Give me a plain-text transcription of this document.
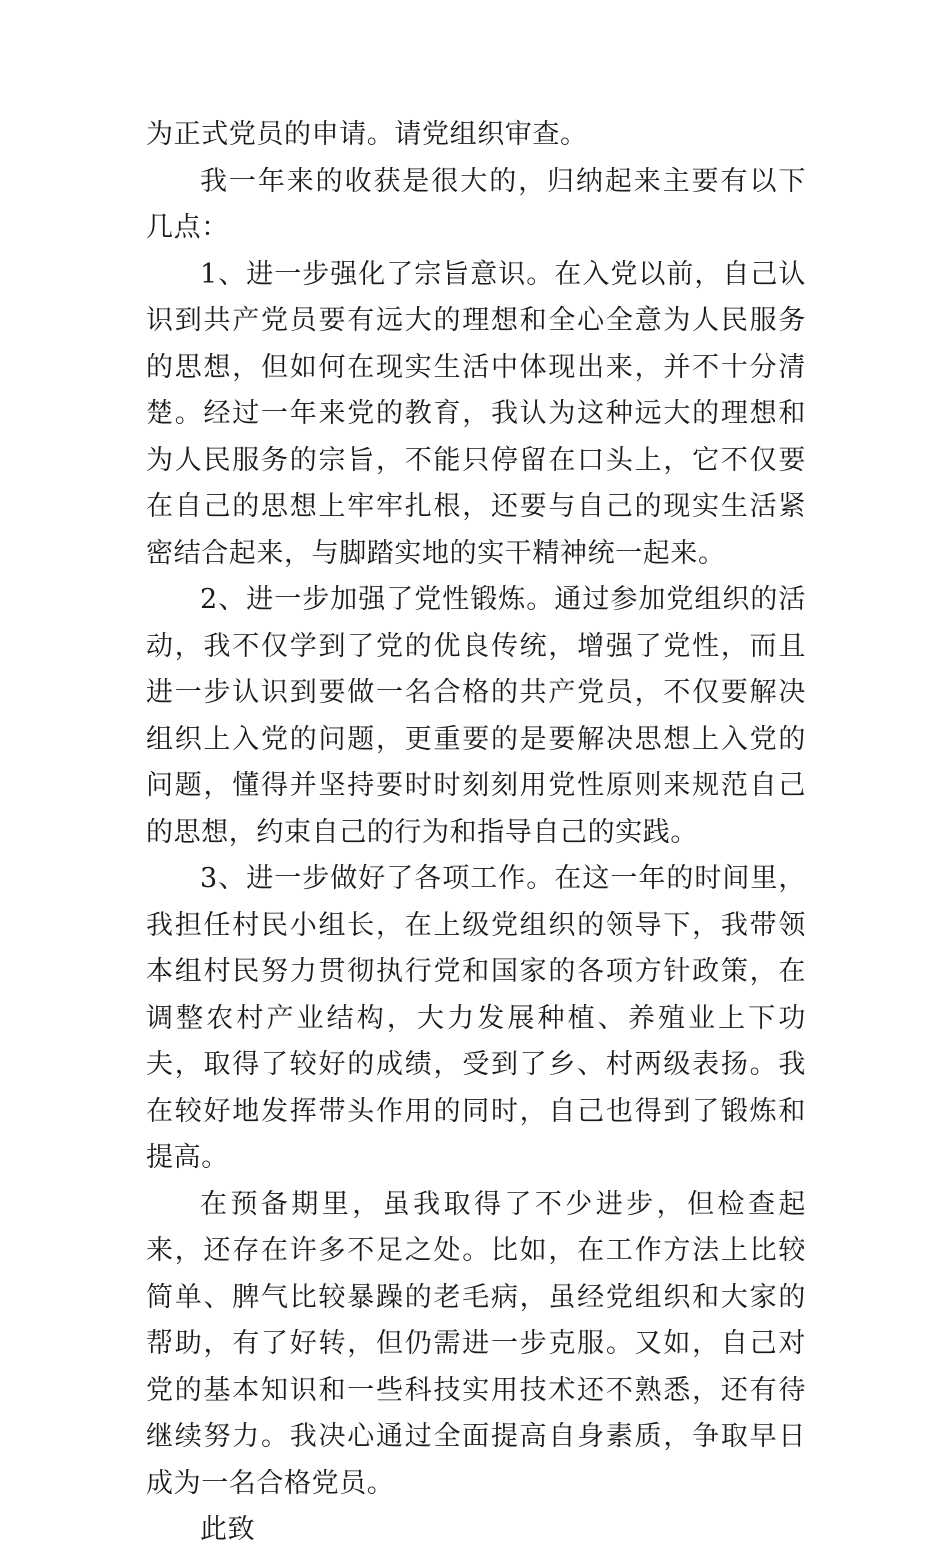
为正式党员的申请。请党组织审查。

我一年来的收获是很大的，归纳起来主要有以下几点：

1、进一步强化了宗旨意识。在入党以前，自己认识到共产党员要有远大的理想和全心全意为人民服务的思想，但如何在现实生活中体现出来，并不十分清楚。经过一年来党的教育，我认为这种远大的理想和为人民服务的宗旨，不能只停留在口头上，它不仅要在自己的思想上牢牢扎根，还要与自己的现实生活紧密结合起来，与脚踏实地的实干精神统一起来。

2、进一步加强了党性锻炼。通过参加党组织的活动，我不仅学到了党的优良传统，增强了党性，而且进一步认识到要做一名合格的共产党员，不仅要解决组织上入党的问题，更重要的是要解决思想上入党的问题，懂得并坚持要时时刻刻用党性原则来规范自己的思想，约束自己的行为和指导自己的实践。

3、进一步做好了各项工作。在这一年的时间里，我担任村民小组长，在上级党组织的领导下，我带领本组村民努力贯彻执行党和国家的各项方针政策，在调整农村产业结构，大力发展种植、养殖业上下功夫，取得了较好的成绩，受到了乡、村两级表扬。我在较好地发挥带头作用的同时，自己也得到了锻炼和提高。

在预备期里，虽我取得了不少进步，但检查起来，还存在许多不足之处。比如，在工作方法上比较简单、脾气比较暴躁的老毛病，虽经党组织和大家的帮助，有了好转，但仍需进一步克服。又如，自己对党的基本知识和一些科技实用技术还不熟悉，还有待继续努力。我决心通过全面提高自身素质，争取早日成为一名合格党员。

此致
